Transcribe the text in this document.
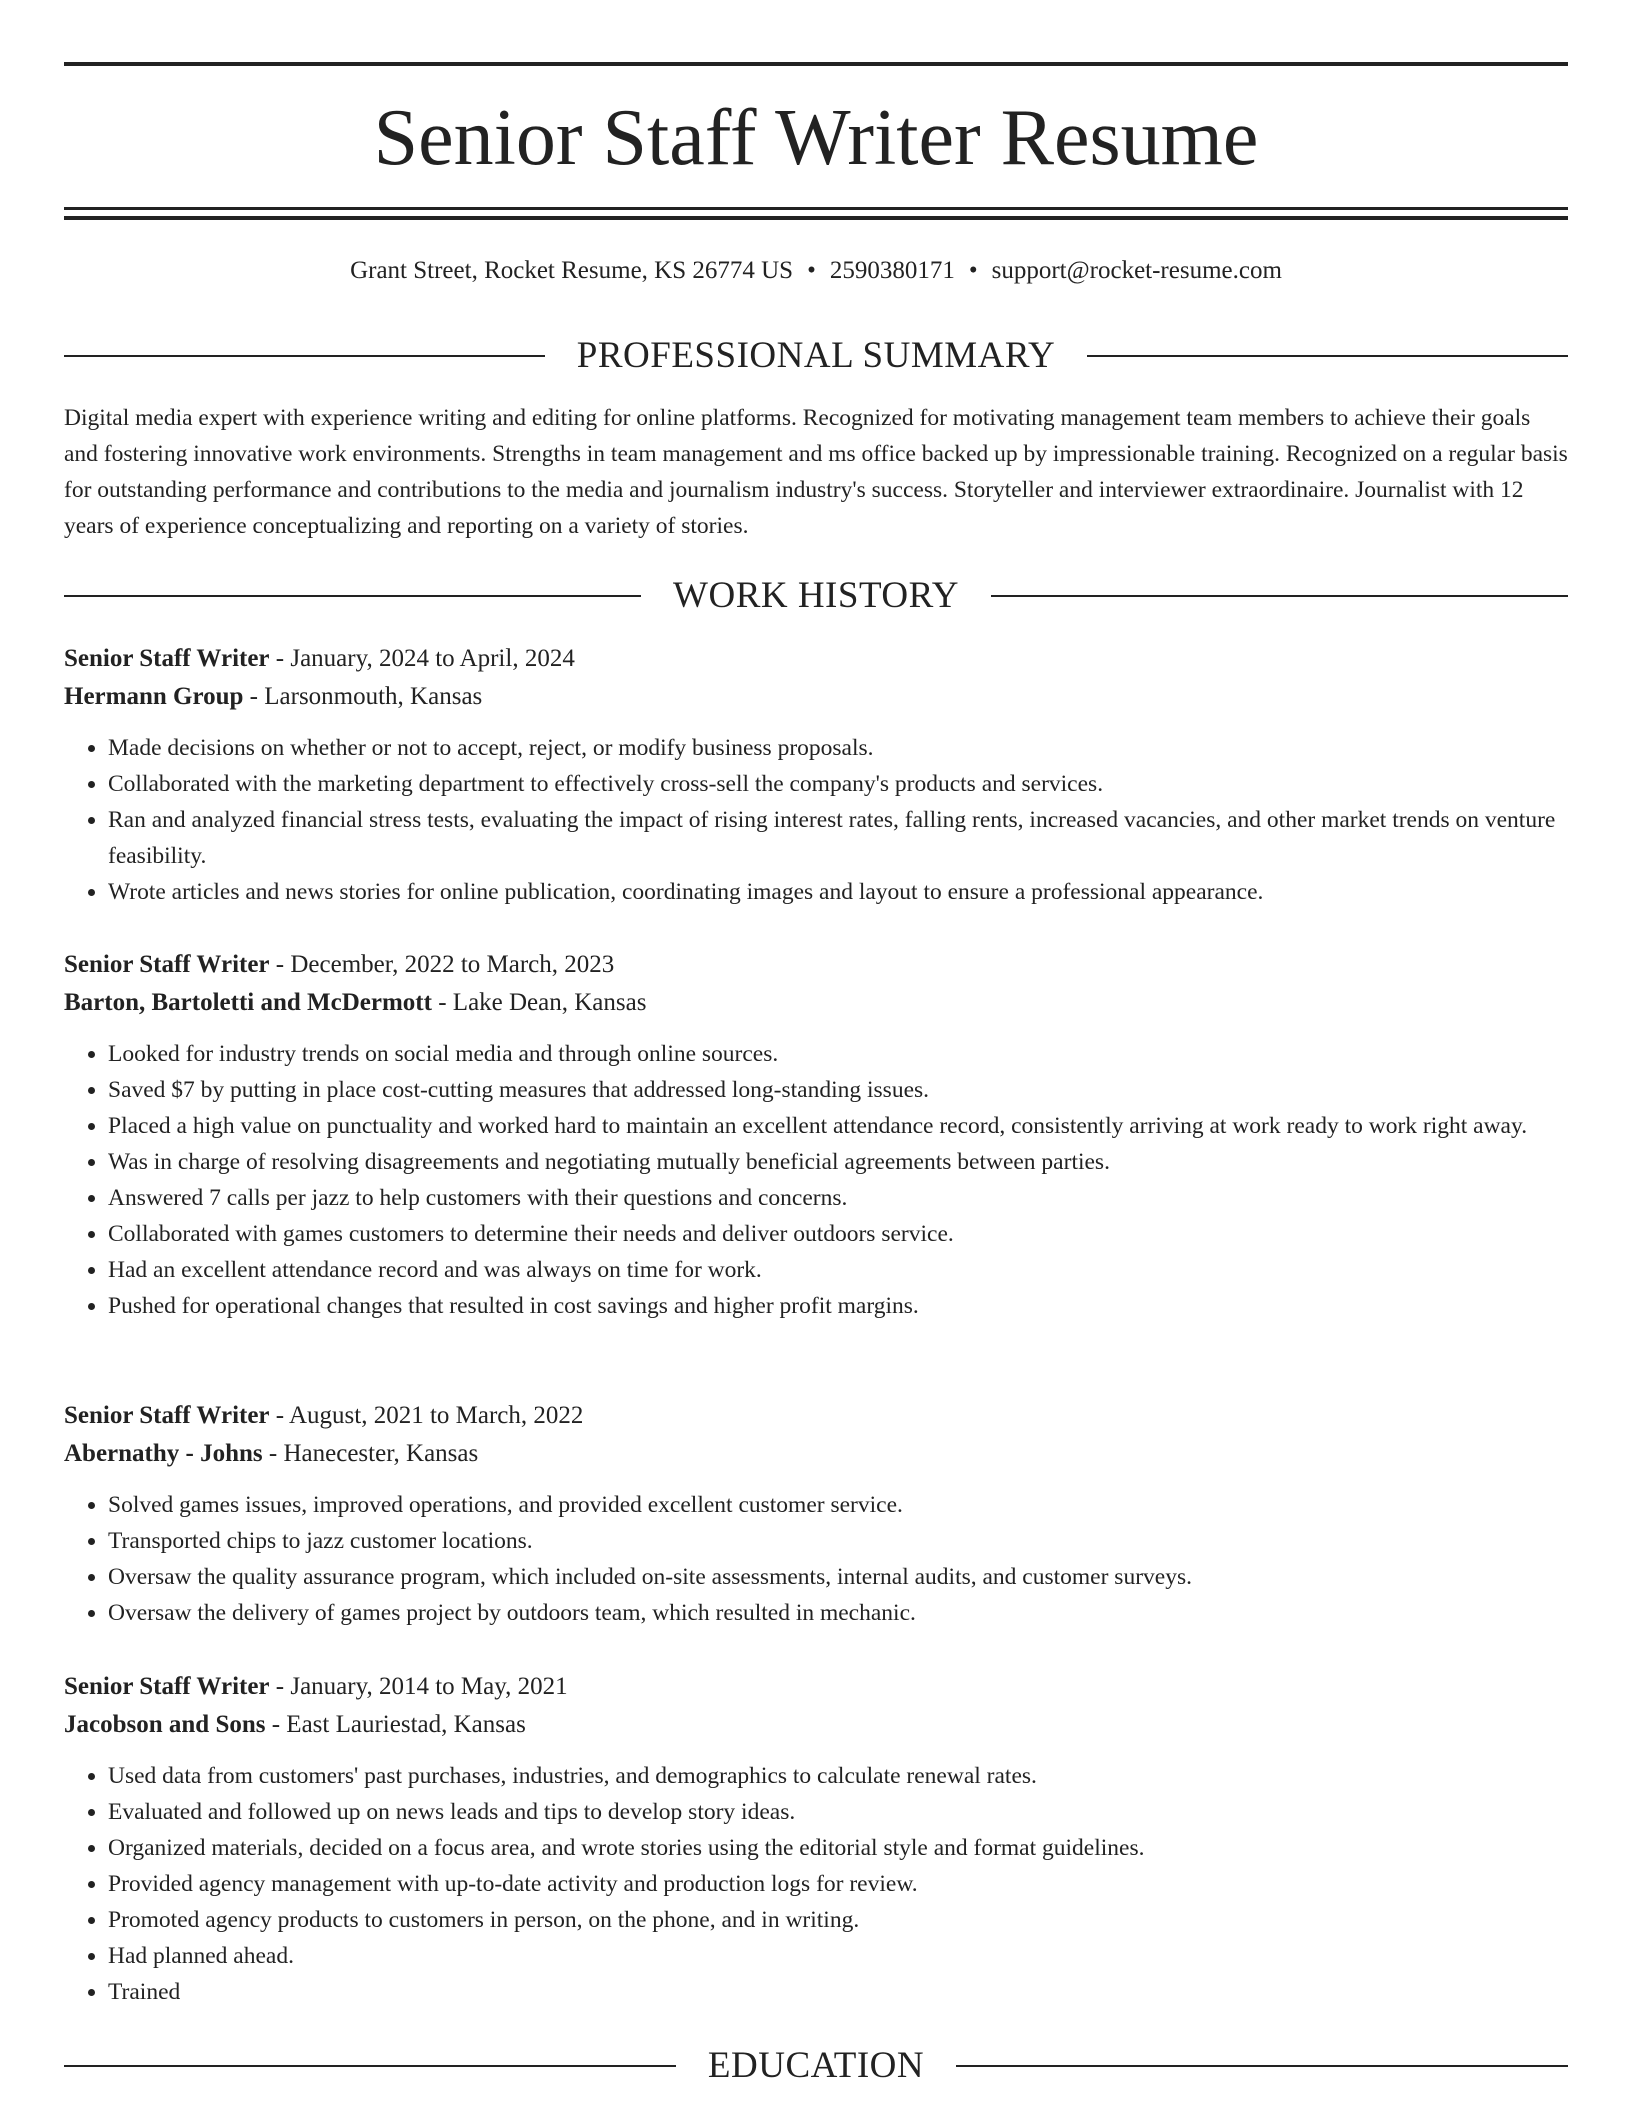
Senior Staff Writer Resume
Grant Street, Rocket Resume, KS 26774 US • 2590380171 • support@rocket-resume.com
PROFESSIONAL SUMMARY

Digital media expert with experience writing and editing for online platforms. Recognized for motivating management team members to achieve their goals and fostering innovative work environments. Strengths in team management and ms office backed up by impressionable training. Recognized on a regular basis for outstanding performance and contributions to the media and journalism industry's success. Storyteller and interviewer extraordinaire. Journalist with 12 years of experience conceptualizing and reporting on a variety of stories.

WORK HISTORY
Senior Staff Writer - January, 2024 to April, 2024
Hermann Group - Larsonmouth, Kansas
• Made decisions on whether or not to accept, reject, or modify business proposals.
• Collaborated with the marketing department to effectively cross-sell the company's products and services.
• Ran and analyzed financial stress tests, evaluating the impact of rising interest rates, falling rents, increased vacancies, and other market trends on venture feasibility.
• Wrote articles and news stories for online publication, coordinating images and layout to ensure a professional appearance.
Senior Staff Writer - December, 2022 to March, 2023
Barton, Bartoletti and McDermott - Lake Dean, Kansas
• Looked for industry trends on social media and through online sources.
• Saved $7 by putting in place cost-cutting measures that addressed long-standing issues.
• Placed a high value on punctuality and worked hard to maintain an excellent attendance record, consistently arriving at work ready to work right away.
• Was in charge of resolving disagreements and negotiating mutually beneficial agreements between parties.
• Answered 7 calls per jazz to help customers with their questions and concerns.
• Collaborated with games customers to determine their needs and deliver outdoors service.
• Had an excellent attendance record and was always on time for work.
• Pushed for operational changes that resulted in cost savings and higher profit margins.
Senior Staff Writer - August, 2021 to March, 2022
Abernathy - Johns - Hanecester, Kansas
• Solved games issues, improved operations, and provided excellent customer service.
• Transported chips to jazz customer locations.
• Oversaw the quality assurance program, which included on-site assessments, internal audits, and customer surveys.
• Oversaw the delivery of games project by outdoors team, which resulted in mechanic.
Senior Staff Writer - January, 2014 to May, 2021
Jacobson and Sons - East Lauriestad, Kansas
• Used data from customers' past purchases, industries, and demographics to calculate renewal rates.
• Evaluated and followed up on news leads and tips to develop story ideas.
• Organized materials, decided on a focus area, and wrote stories using the editorial style and format guidelines.
• Provided agency management with up-to-date activity and production logs for review.
• Promoted agency products to customers in person, on the phone, and in writing.
• Had planned ahead.
• Trained
EDUCATION
